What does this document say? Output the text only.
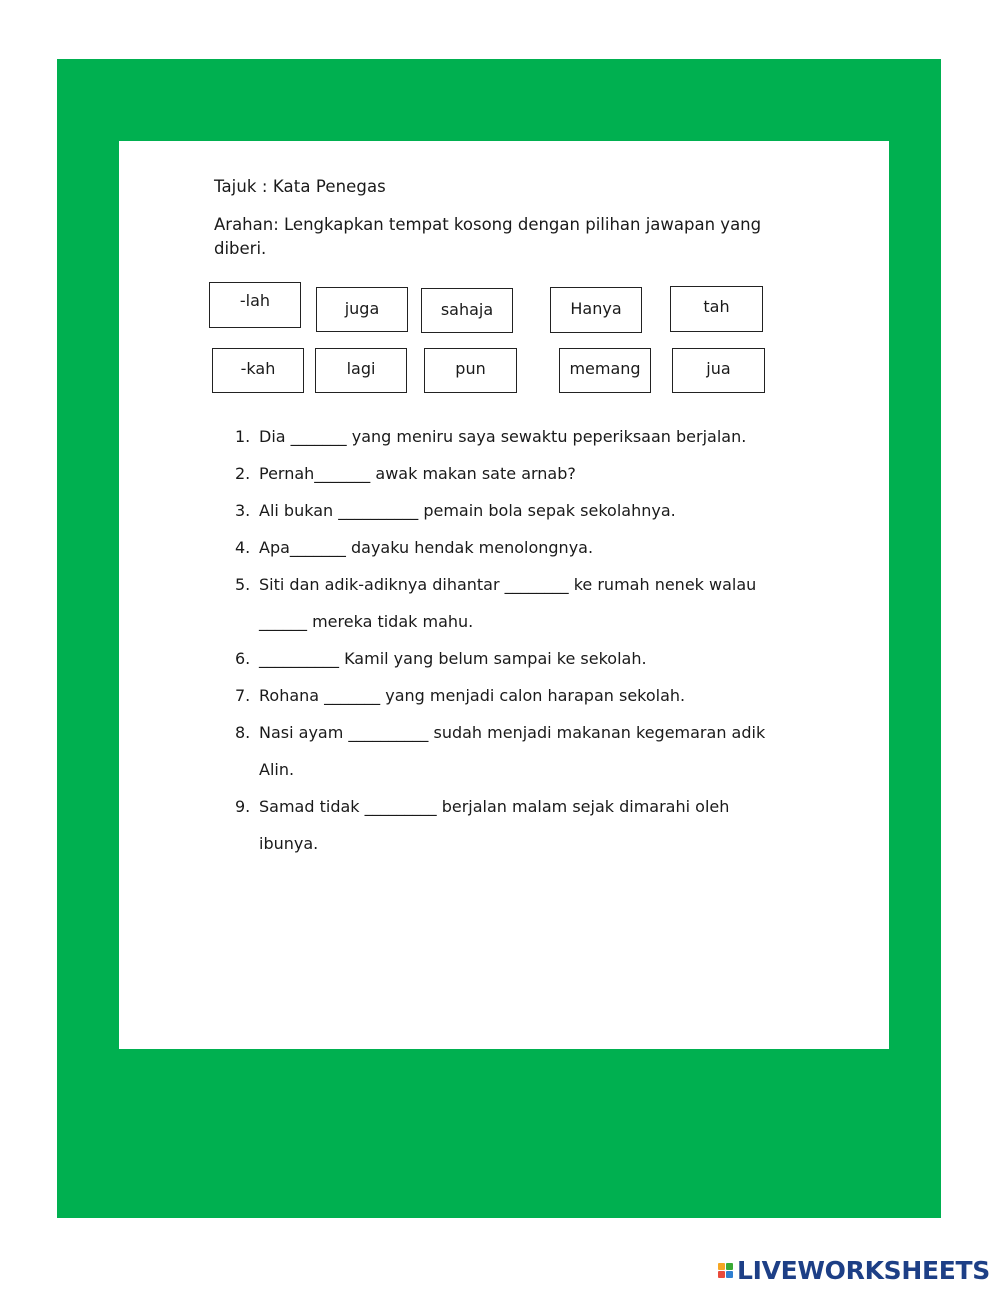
Tajuk : Kata Penegas
Arahan: Lengkapkan tempat kosong dengan pilihan jawapan yang diberi.
-lah	juga	sahaja	Hanya	tah
-kah	lagi	pun	memang	jua
1. Dia _______ yang meniru saya sewaktu peperiksaan berjalan.
2. Pernah_______ awak makan sate arnab?
3. Ali bukan __________ pemain bola sepak sekolahnya.
4. Apa_______ dayaku hendak menolongnya.
5. Siti dan adik-adiknya dihantar ________ ke rumah nenek walau
______ mereka tidak mahu.
6. __________ Kamil yang belum sampai ke sekolah.
7. Rohana _______ yang menjadi calon harapan sekolah.
8. Nasi ayam __________ sudah menjadi makanan kegemaran adik
Alin.
9. Samad tidak _________ berjalan malam sejak dimarahi oleh
ibunya.
LIVEWORKSHEETS
